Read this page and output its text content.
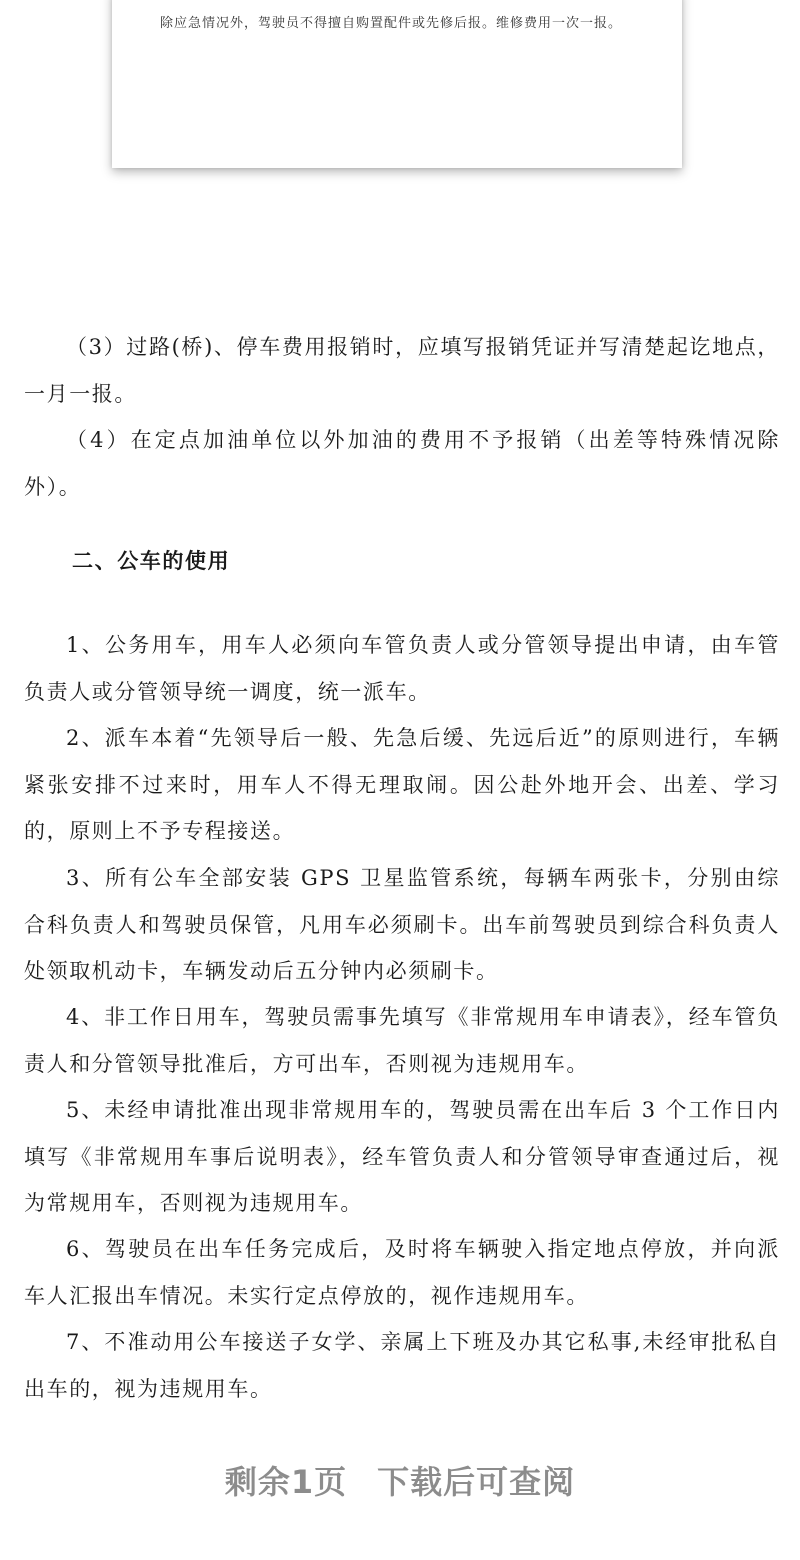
除应急情况外，驾驶员不得擅自购置配件或先修后报。维修费用一次一报。

（3）过路(桥)、停车费用报销时，应填写报销凭证并写清楚起讫地点，一月一报。

（4）在定点加油单位以外加油的费用不予报销（出差等特殊情况除外）。

二、公车的使用

1、公务用车，用车人必须向车管负责人或分管领导提出申请，由车管负责人或分管领导统一调度，统一派车。

2、派车本着“先领导后一般、先急后缓、先远后近”的原则进行，车辆紧张安排不过来时，用车人不得无理取闹。因公赴外地开会、出差、学习的，原则上不予专程接送。

3、所有公车全部安装 GPS 卫星监管系统，每辆车两张卡，分别由综合科负责人和驾驶员保管，凡用车必须刷卡。出车前驾驶员到综合科负责人处领取机动卡，车辆发动后五分钟内必须刷卡。

4、非工作日用车，驾驶员需事先填写《非常规用车申请表》，经车管负责人和分管领导批准后，方可出车，否则视为违规用车。

5、未经申请批准出现非常规用车的，驾驶员需在出车后 3 个工作日内填写《非常规用车事后说明表》，经车管负责人和分管领导审查通过后，视为常规用车，否则视为违规用车。

6、驾驶员在出车任务完成后，及时将车辆驶入指定地点停放，并向派车人汇报出车情况。未实行定点停放的，视作违规用车。

7、不准动用公车接送子女学、亲属上下班及办其它私事,未经审批私自出车的，视为违规用车。

剩余1页 下载后可查阅
